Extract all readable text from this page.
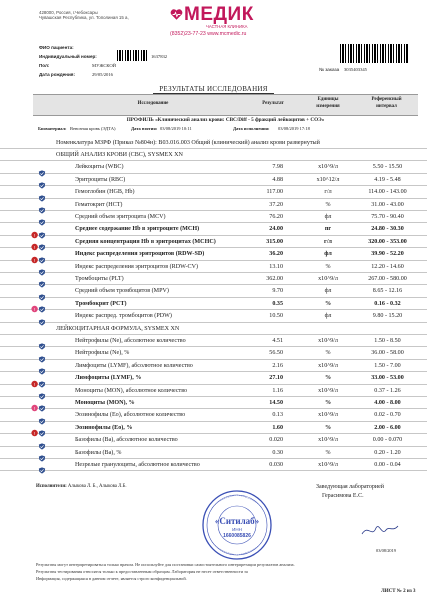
428000, Россия, г.Чебоксары
Чувашская Республика, ул. Тополиная 15 а,	МЕДИК
ЧАСТНАЯ КЛИНИКА
(8352)23-77-23 www.mcmedic.ru
ФИО пациента:
Индивидуальный номер:	1637832
Пол:	МУЖСКОЙ
Дата рождения:	29/05/2016
№ заказа 3035403345
РЕЗУЛЬТАТЫ ИССЛЕДОВАНИЯ
Исследование	Результат
Единицы
измерения
Референсный
интервал
ПРОФИЛЬ «Клинический анализ крови: CBC/Diff - 5 фракций лейкоцитов + СОЭ»
Биоматериал: Венозная кровь (ЭДТА)	Дата взятия: 03/08/2019 10:11	Дата исполнения: 03/08/2019 17:18
Номенклатура МЗРФ (Приказ №804н): В03.016.003 Общий (клинический) анализ крови развернутый
ОБЩИЙ АНАЛИЗ КРОВИ (CBC), SYSMEX XN
Лейкоциты (WBC)	7.98	x10^9/л	5.50 - 15.50
Эритроциты (RBC)	4.88	x10^12/л	4.19 - 5.48
Гемоглобин (HGB, Hb)	117.00	г/л	114.00 - 143.00
Гематокрит (HCT)	37.20	%	31.00 - 43.00
Средний объем эритроцита (MCV)	76.20	фл	75.70 - 90.40
!
Среднее содержание Hb в эритроците (MCH)	24.00	пг	24.80 - 30.30
!
Средняя концентрация Hb в эритроцитах (MCHC)	315.00	г/л	320.00 - 353.00
!
Индекс распределения эритроцитов (RDW-SD)	36.20	фл	39.90 - 52.20
Индекс распределения эритроцитов (RDW-CV)	13.10	%	12.20 - 14.60
Тромбоциты (PLT)	362.00	x10^9/л	267.00 - 580.00
Средний объем тромбоцитов (MPV)	9.70	фл	8.65 - 12.16
!
Тромбокрит (PCT)	0.35	%	0.16 - 0.32
Индекс распред. тромбоцитов (PDW)	10.50	фл	9.80 - 15.20
ЛЕЙКОЦИТАРНАЯ ФОРМУЛА, SYSMEX XN
Нейтрофилы (Ne), абсолютное количество	4.51	x10^9/л	1.50 - 8.50
Нейтрофилы (Ne), %	56.50	%	36.00 - 58.00
Лимфоциты (LYMF), абсолютное количество	2.16	x10^9/л	1.50 - 7.00
!
Лимфоциты (LYMF), %	27.10	%	33.00 - 53.00
Моноциты (MON), абсолютное количество	1.16	x10^9/л	0.37 - 1.26
!
Моноциты (MON), %	14.50	%	4.00 - 8.00
Эозинофилы (Eo), абсолютное количество	0.13	x10^9/л	0.02 - 0.70
!
Эозинофилы (Eo), %	1.60	%	2.00 - 6.00
Базофилы (Ba), абсолютное количество	0.020	x10^9/л	0.00 - 0.070
Базофилы (Ba), %	0.30	%	0.20 - 1.20
Незрелые гранулоциты, абсолютное количество	0.030	x10^9/л	0.00 - 0.04
Исполнители: Алыкова Л. Б., Алыкова Л.Б.	Заведующая лабораторией
Герасимова Е.С.
«Ситилаб»
ИНН
1660085826
03/08/2019
Результаты могут интерпретироваться только врачом. Не используйте для постановки самостоятельного интерпретации результатов анализа.
Результаты тестирования относятся только к предоставленным образцам. Лаборатория не несет ответственности за
Информация, содержащаяся в данном отчете, является строго конфиденциальной.
ЛИСТ № 2 из 3
